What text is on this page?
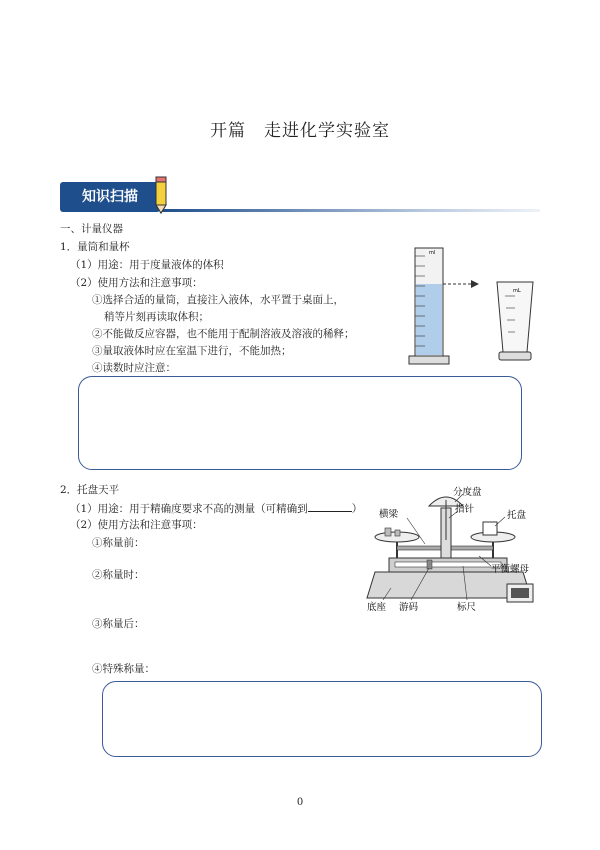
开篇　走进化学实验室
知识扫描
一、计量仪器
1．量筒和量杯
（1）用途：用于度量液体的体积
（2）使用方法和注意事项：
①选择合适的量筒，直接注入液体，水平置于桌面上，
稍等片刻再读取体积；
②不能做反应容器，也不能用于配制溶液及溶液的稀释；
③量取液体时应在室温下进行，不能加热；
④读数时应注意：
ml
mL
2．托盘天平
（1）用途：用于精确度要求不高的测量（可精确到	）
（2）使用方法和注意事项：
①称量前：
②称量时：
③称量后：
④特殊称量：
分度盘
指针
横梁	托盘
平衡螺母
底座 游码	标尺
0
